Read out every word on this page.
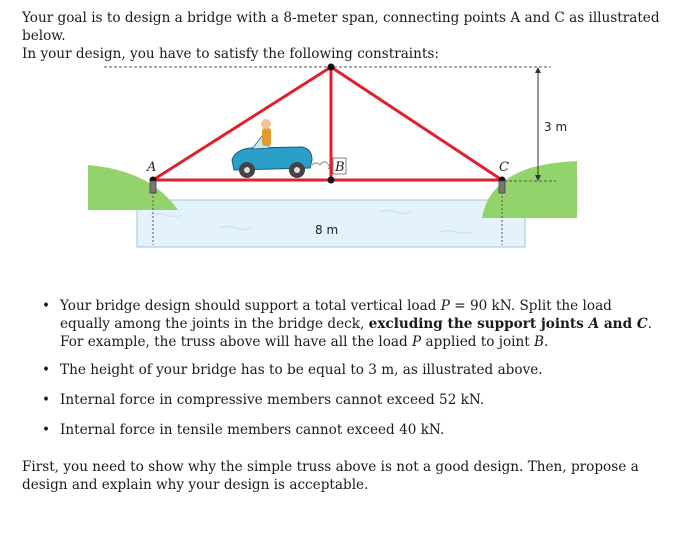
Your goal is to design a bridge with a 8-meter span, connecting points A and C as illustrated below.

In your design, you have to satisfy the following constraints:

3 m
8 m
A	B	C
• Your bridge design should support a total vertical load P = 90 kN. Split the load equally among the joints in the bridge deck, excluding the support joints A and C. For example, the truss above will have all the load P applied to joint B.
• The height of your bridge has to be equal to 3 m, as illustrated above.
• Internal force in compressive members cannot exceed 52 kN.
• Internal force in tensile members cannot exceed 40 kN.
First, you need to show why the simple truss above is not a good design. Then, propose a design and explain why your design is acceptable.
